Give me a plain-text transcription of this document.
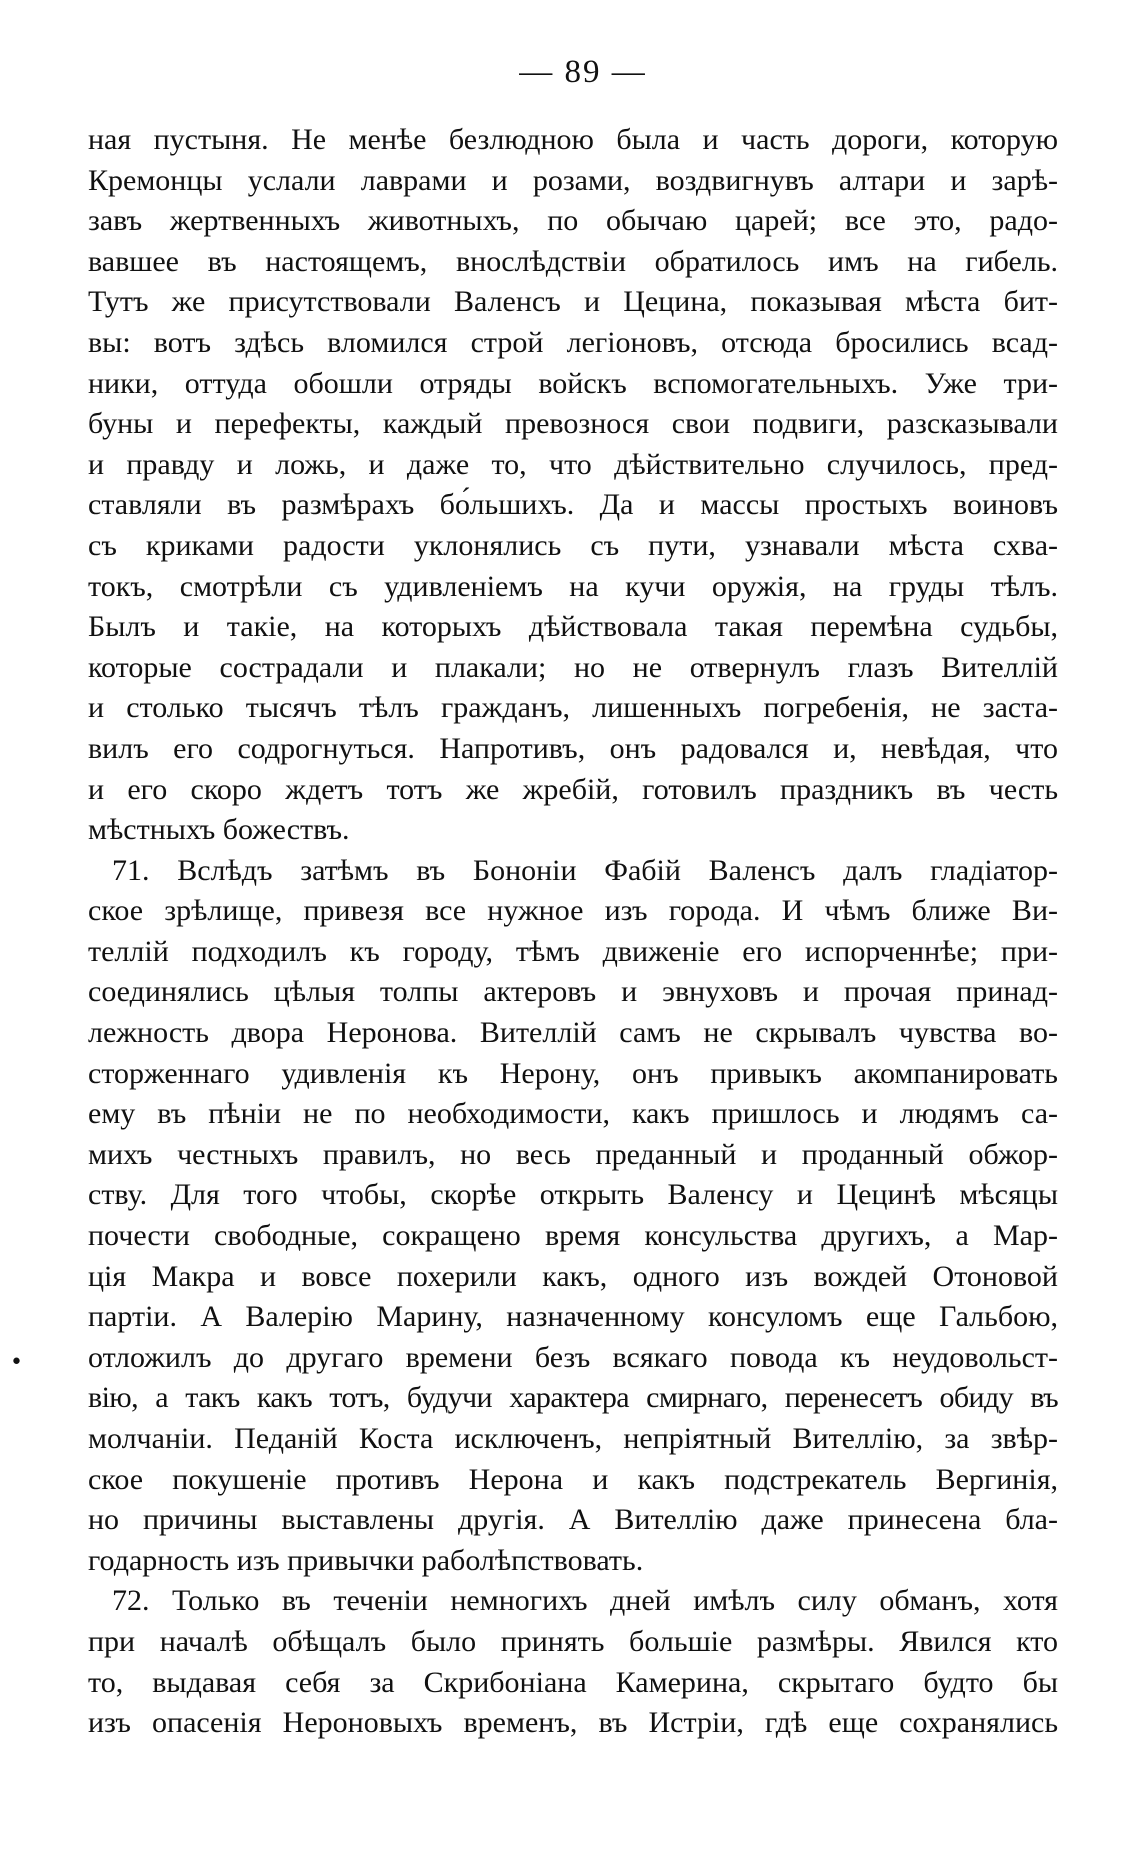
— 89 —
•
ная пустыня. Не менѣе безлюдною была и часть дороги, которую
Кремонцы услали лаврами и розами, воздвигнувъ алтари и зарѣ-
завъ жертвенныхъ животныхъ, по обычаю царей; все это, радо-
вавшее въ настоящемъ, вноcлѣдствіи обратилось имъ на гибель.
Тутъ же присутствовали Валенсъ и Цецина, показывая мѣста бит-
вы: вотъ здѣсь вломился строй легіоновъ, отсюда бросились всад-
ники, оттуда обошли отряды войскъ вспомогательныхъ. Уже три-
буны и перефекты, каждый превознося свои подвиги, разсказывали
и правду и ложь, и даже то, что дѣйствительно случилось, пред-
ставляли въ размѣрахъ бо́льшихъ. Да и массы простыхъ воиновъ
съ криками радости уклонялись съ пути, узнавали мѣста схва-
токъ, смотрѣли съ удивленіемъ на кучи оружія, на груды тѣлъ.
Былъ и такіе, на которыхъ дѣйствовала такая перемѣна судьбы,
которые сострадали и плакали; но не отвернулъ глазъ Вителлій
и столько тысячъ тѣлъ гражданъ, лишенныхъ погребенія, не заста-
вилъ его содрогнуться. Напротивъ, онъ радовался и, невѣдая, что
и его скоро ждетъ тотъ же жребій, готовилъ праздникъ въ честь
мѣстныхъ божествъ.
71. Вслѣдъ затѣмъ въ Бононіи Фабій Валенсъ далъ гладіатор-
ское зрѣлище, привезя все нужное изъ города. И чѣмъ ближе Ви-
теллій подходилъ къ городу, тѣмъ движеніе его испорченнѣе; при-
соединялись цѣлыя толпы актеровъ и эвнуховъ и прочая принад-
лежность двора Неронова. Вителлій самъ не скрывалъ чувства во-
сторженнаго удивленія къ Нерону, онъ привыкъ акомпанировать
ему въ пѣніи не по необходимости, какъ пришлось и людямъ са-
михъ честныхъ правилъ, но весь преданный и проданный обжор-
ству. Для того чтобы, скорѣе открыть Валенсу и Цецинѣ мѣсяцы
почести свободные, сокращено время консульства другихъ, а Мар-
ція Макра и вовсе похерили какъ, одного изъ вождей Отоновой
партіи. А Валерію Марину, назначенному консуломъ еще Гальбою,
отложилъ до другаго времени безъ всякаго повода къ неудовольст-
вію, а такъ какъ тотъ, будучи характера смирнаго, перенесетъ обиду въ
молчаніи. Педаній Коста исключенъ, непріятный Вителлію, за звѣр-
ское покушеніе противъ Нерона и какъ подстрекатель Вергинія,
но причины выставлены другія. А Вителлію даже принесена бла-
годарность изъ привычки раболѣпствовать.
72. Только въ теченіи немногихъ дней имѣлъ силу обманъ, хотя
при началѣ обѣщалъ было принять большіе размѣры. Явился кто
то, выдавая себя за Скрибоніана Камерина, скрытаго будто бы
изъ опасенія Нероновыхъ временъ, въ Истріи, гдѣ еще сохранялись
